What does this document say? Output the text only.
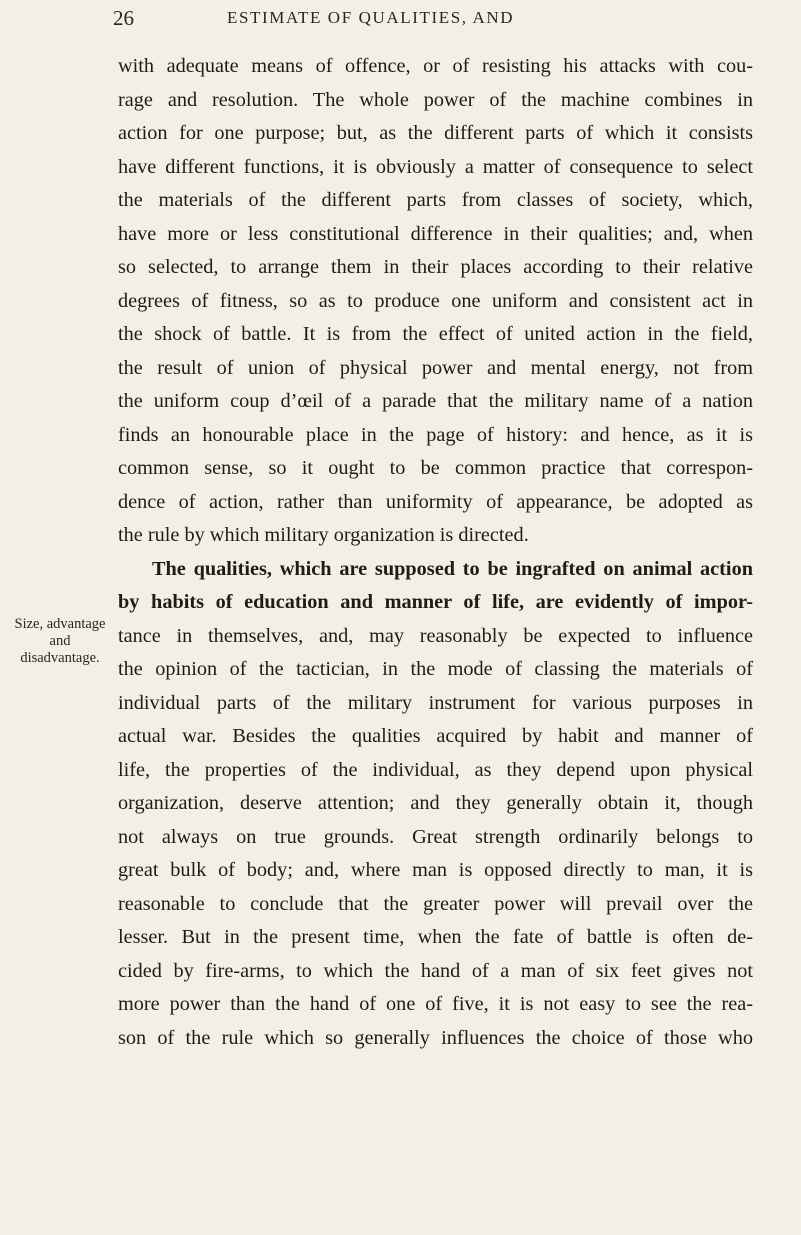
26	ESTIMATE OF QUALITIES, AND
Size, advantage
and
disadvantage.
with adequate means of offence, or of resisting his attacks with cou-
rage and resolution. The whole power of the machine combines in
action for one purpose; but, as the different parts of which it consists
have different functions, it is obviously a matter of consequence to select
the materials of the different parts from classes of society, which,
have more or less constitutional difference in their qualities; and, when
so selected, to arrange them in their places according to their relative
degrees of fitness, so as to produce one uniform and consistent act in
the shock of battle. It is from the effect of united action in the field,
the result of union of physical power and mental energy, not from
the uniform coup d’œil of a parade that the military name of a nation
finds an honourable place in the page of history: and hence, as it is
common sense, so it ought to be common practice that correspon-
dence of action, rather than uniformity of appearance, be adopted as
the rule by which military organization is directed.
The qualities, which are supposed to be ingrafted on animal action
by habits of education and manner of life, are evidently of impor-
tance in themselves, and, may reasonably be expected to influence
the opinion of the tactician, in the mode of classing the materials of
individual parts of the military instrument for various purposes in
actual war. Besides the qualities acquired by habit and manner of
life, the properties of the individual, as they depend upon physical
organization, deserve attention; and they generally obtain it, though
not always on true grounds. Great strength ordinarily belongs to
great bulk of body; and, where man is opposed directly to man, it is
reasonable to conclude that the greater power will prevail over the
lesser. But in the present time, when the fate of battle is often de-
cided by fire-arms, to which the hand of a man of six feet gives not
more power than the hand of one of five, it is not easy to see the rea-
son of the rule which so generally influences the choice of those who
